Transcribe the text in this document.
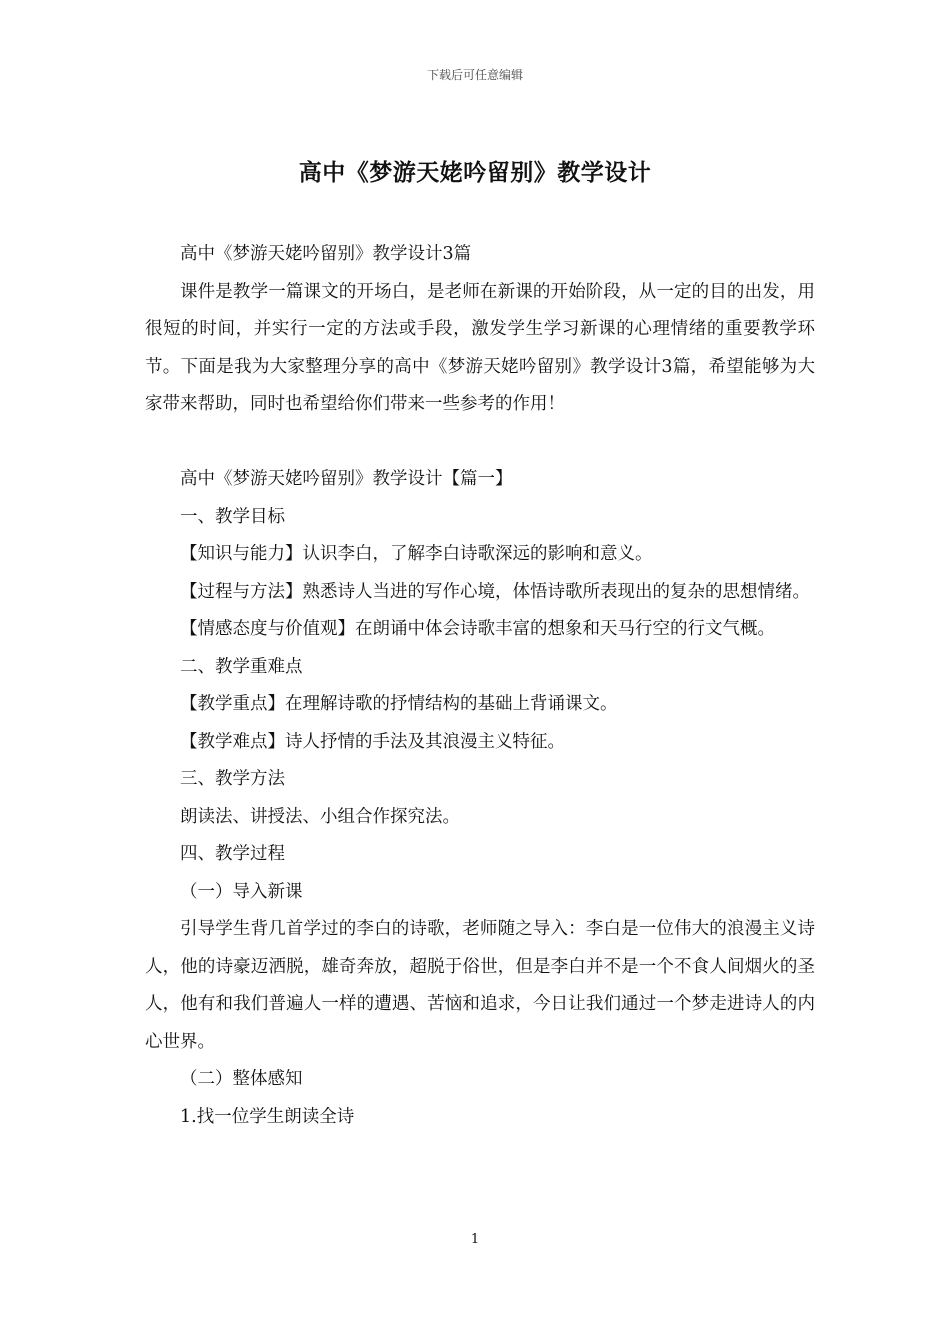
下载后可任意编辑
高中《梦游天姥吟留别》教学设计

高中《梦游天姥吟留别》教学设计3篇

课件是教学一篇课文的开场白，是老师在新课的开始阶段，从一定的目的出发，用很短的时间，并实行一定的方法或手段，激发学生学习新课的心理情绪的重要教学环节。下面是我为大家整理分享的高中《梦游天姥吟留别》教学设计3篇，希望能够为大家带来帮助，同时也希望给你们带来一些参考的作用！

高中《梦游天姥吟留别》教学设计【篇一】

一、教学目标

【知识与能力】认识李白，了解李白诗歌深远的影响和意义。

【过程与方法】熟悉诗人当进的写作心境，体悟诗歌所表现出的复杂的思想情绪。

【情感态度与价值观】在朗诵中体会诗歌丰富的想象和天马行空的行文气概。

二、教学重难点

【教学重点】在理解诗歌的抒情结构的基础上背诵课文。

【教学难点】诗人抒情的手法及其浪漫主义特征。

三、教学方法

朗读法、讲授法、小组合作探究法。

四、教学过程

（一）导入新课

引导学生背几首学过的李白的诗歌，老师随之导入：李白是一位伟大的浪漫主义诗人，他的诗豪迈洒脱，雄奇奔放，超脱于俗世，但是李白并不是一个不食人间烟火的圣人，他有和我们普遍人一样的遭遇、苦恼和追求，今日让我们通过一个梦走进诗人的内心世界。

（二）整体感知

1.找一位学生朗读全诗

1
